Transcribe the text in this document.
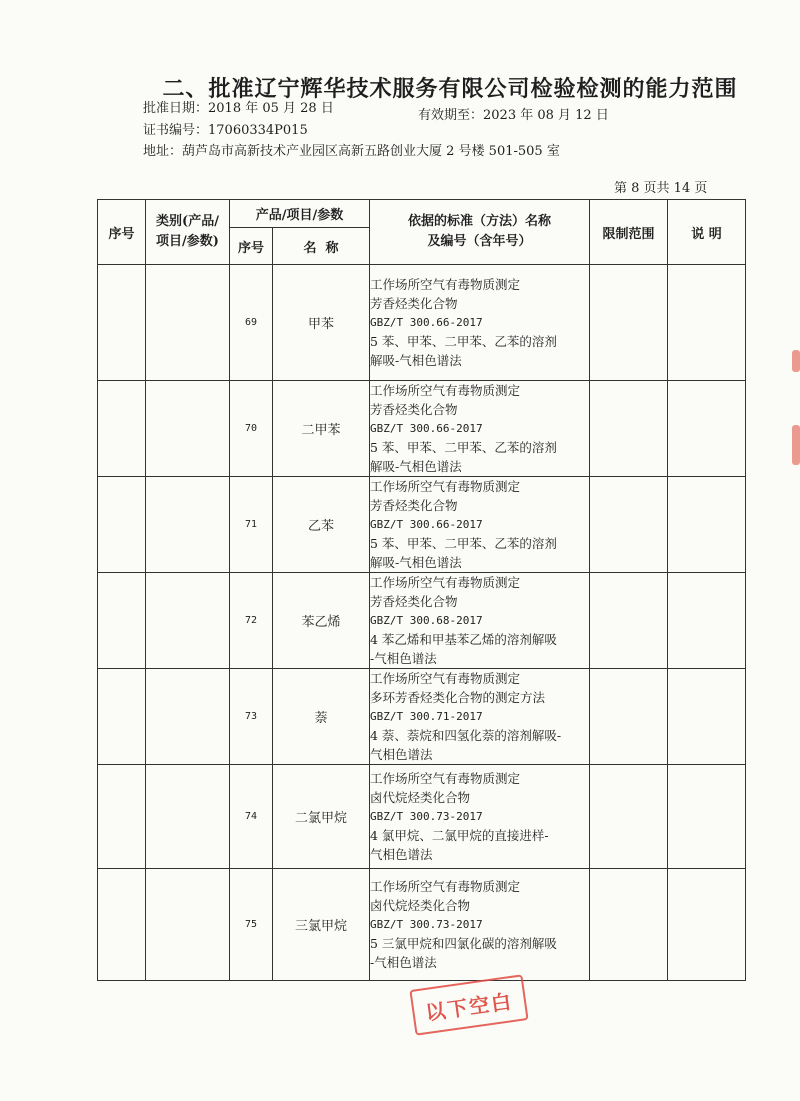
二、批准辽宁辉华技术服务有限公司检验检测的能力范围
批准日期：2018 年 05 月 28 日	有效期至：2023 年 08 月 12 日
证书编号：17060334P015
地址：葫芦岛市高新技术产业园区高新五路创业大厦 2 号楼 501-505 室
第 8 页共 14 页
序号	类别(产品/项目/参数)	产品/项目/参数		依据的标准（方法）名称及编号（含年号）	限制范围	说 明
		序号	名  称			
		69	甲苯	工作场所空气有毒物质测定
芳香烃类化合物
GBZ/T 300.66-2017
5 苯、甲苯、二甲苯、乙苯的溶剂
解吸-气相色谱法		

		70	二甲苯	工作场所空气有毒物质测定
芳香烃类化合物
GBZ/T 300.66-2017
5 苯、甲苯、二甲苯、乙苯的溶剂
解吸-气相色谱法		

		71	乙苯	工作场所空气有毒物质测定
芳香烃类化合物
GBZ/T 300.66-2017
5 苯、甲苯、二甲苯、乙苯的溶剂
解吸-气相色谱法		

		72	苯乙烯	工作场所空气有毒物质测定
芳香烃类化合物
GBZ/T 300.68-2017
4 苯乙烯和甲基苯乙烯的溶剂解吸
-气相色谱法		

		73	萘	工作场所空气有毒物质测定
多环芳香烃类化合物的测定方法
GBZ/T 300.71-2017
4 萘、萘烷和四氢化萘的溶剂解吸-
气相色谱法		

		74	二氯甲烷	工作场所空气有毒物质测定
卤代烷烃类化合物
GBZ/T 300.73-2017
4 氯甲烷、二氯甲烷的直接进样-
气相色谱法		

		75	三氯甲烷	工作场所空气有毒物质测定
卤代烷烃类化合物
GBZ/T 300.73-2017
5 三氯甲烷和四氯化碳的溶剂解吸
-气相色谱法		

以下空白
